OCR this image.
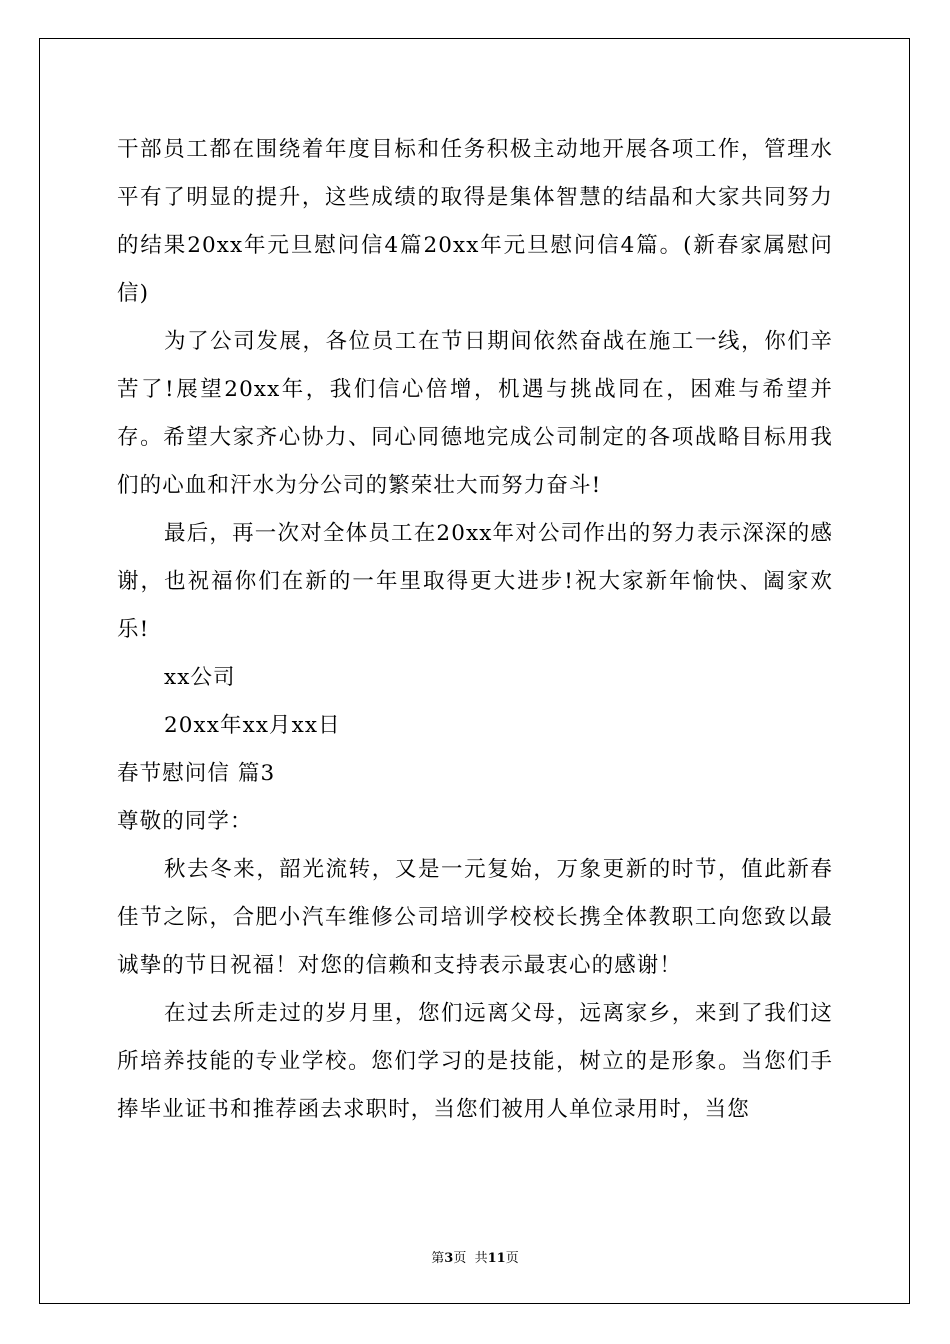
干部员工都在围绕着年度目标和任务积极主动地开展各项工作，管理水平有了明显的提升，这些成绩的取得是集体智慧的结晶和大家共同努力的结果20xx年元旦慰问信4篇20xx年元旦慰问信4篇。(新春家属慰问信)

为了公司发展，各位员工在节日期间依然奋战在施工一线，你们辛苦了!展望20xx年，我们信心倍增，机遇与挑战同在，困难与希望并存。希望大家齐心协力、同心同德地完成公司制定的各项战略目标用我们的心血和汗水为分公司的繁荣壮大而努力奋斗!

最后，再一次对全体员工在20xx年对公司作出的努力表示深深的感谢，也祝福你们在新的一年里取得更大进步!祝大家新年愉快、阖家欢乐!

xx公司

20xx年xx月xx日

春节慰问信 篇3

尊敬的同学：

秋去冬来，韶光流转，又是一元复始，万象更新的时节，值此新春佳节之际，合肥小汽车维修公司培训学校校长携全体教职工向您致以最诚挚的节日祝福！对您的信赖和支持表示最衷心的感谢！

在过去所走过的岁月里，您们远离父母，远离家乡，来到了我们这所培养技能的专业学校。您们学习的是技能，树立的是形象。当您们手捧毕业证书和推荐函去求职时，当您们被用人单位录用时，当您

第3页  共11页
